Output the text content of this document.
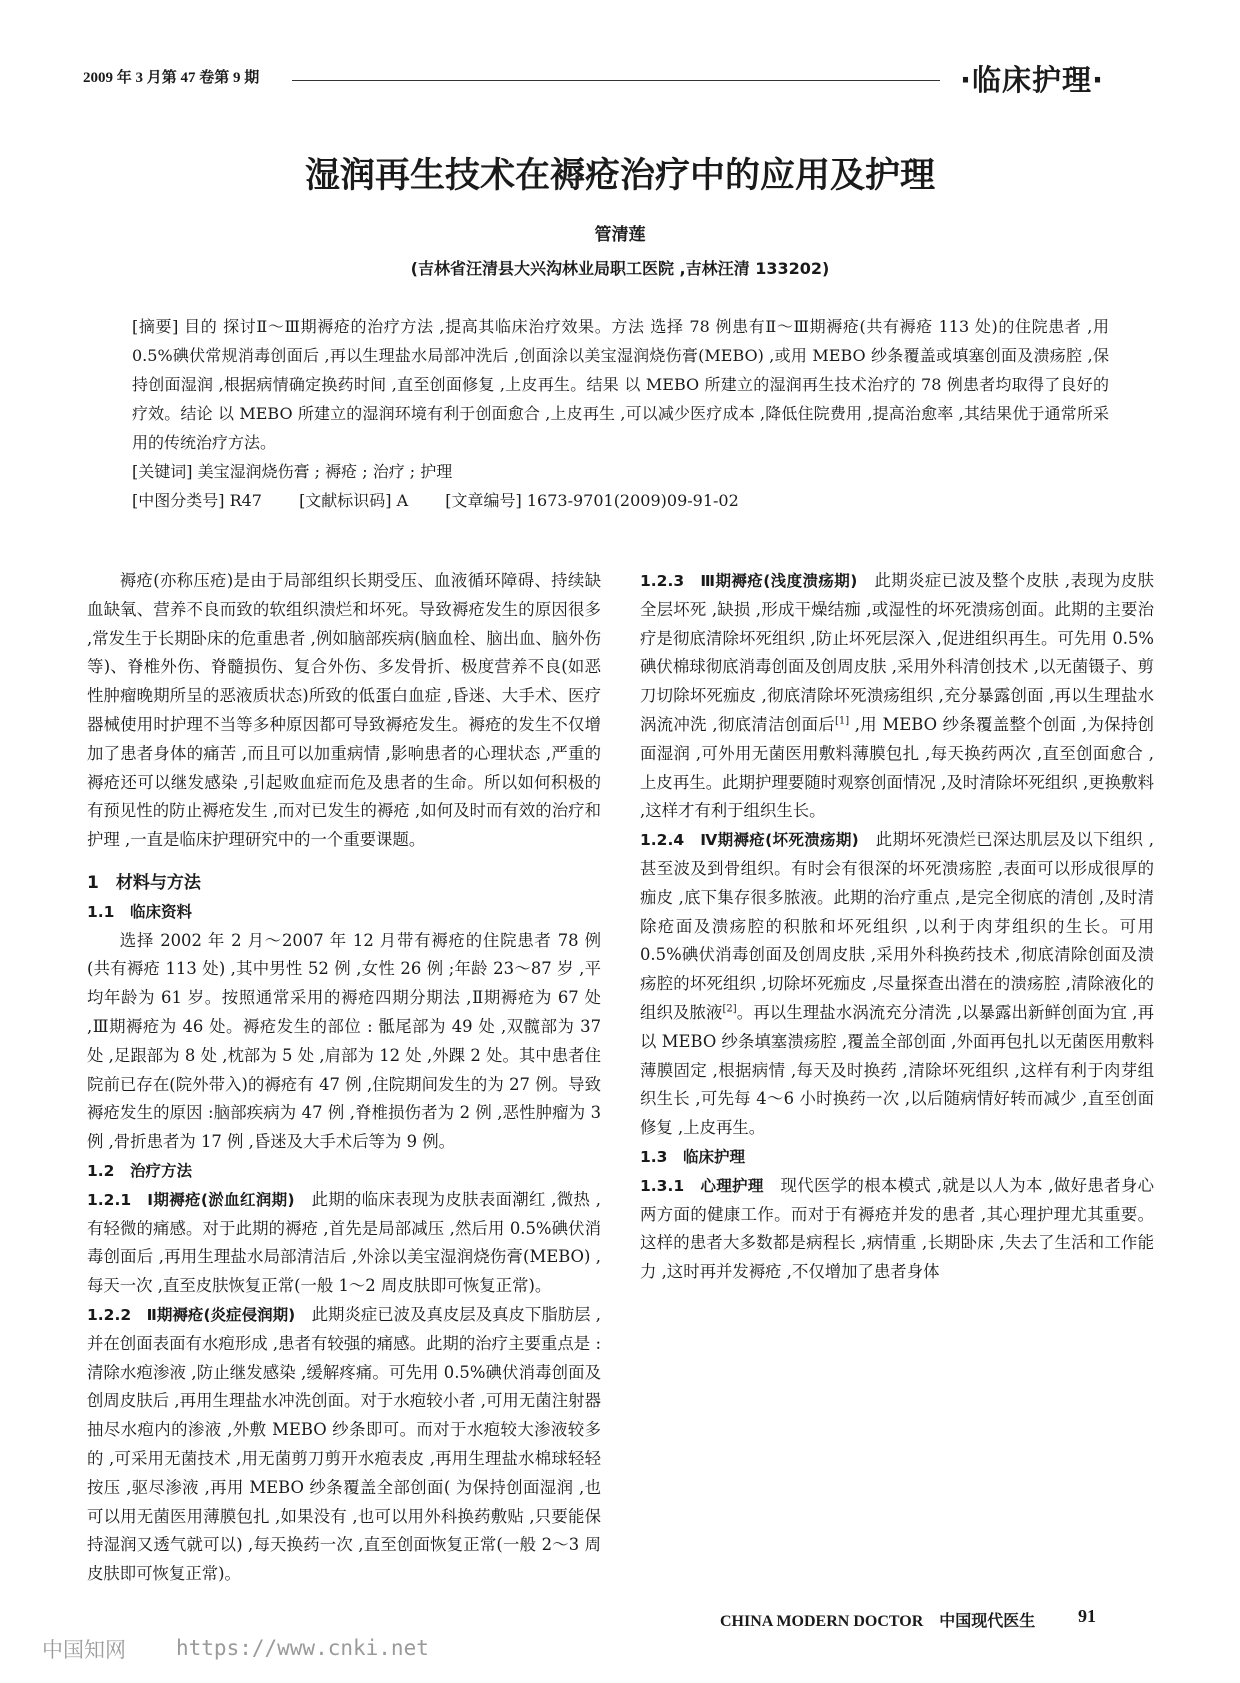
2009 年 3 月第 47 卷第 9 期	·临床护理·
湿润再生技术在褥疮治疗中的应用及护理
管清莲
(吉林省汪清县大兴沟林业局职工医院 ,吉林汪清 133202)

[摘要] 目的 探讨Ⅱ～Ⅲ期褥疮的治疗方法 ,提高其临床治疗效果。方法 选择 78 例患有Ⅱ～Ⅲ期褥疮(共有褥疮 113 处)的住院患者 ,用 0.5%碘伏常规消毒创面后 ,再以生理盐水局部冲洗后 ,创面涂以美宝湿润烧伤膏(MEBO) ,或用 MEBO 纱条覆盖或填塞创面及溃疡腔 ,保持创面湿润 ,根据病情确定换药时间 ,直至创面修复 ,上皮再生。结果 以 MEBO 所建立的湿润再生技术治疗的 78 例患者均取得了良好的疗效。结论 以 MEBO 所建立的湿润环境有利于创面愈合 ,上皮再生 ,可以减少医疗成本 ,降低住院费用 ,提高治愈率 ,其结果优于通常所采用的传统治疗方法。

[关键词] 美宝湿润烧伤膏 ; 褥疮 ; 治疗 ; 护理

[中图分类号] R47　　 [文献标识码] A　　 [文章编号] 1673-9701(2009)09-91-02

褥疮(亦称压疮)是由于局部组织长期受压、血液循环障碍、持续缺血缺氧、营养不良而致的软组织溃烂和坏死。导致褥疮发生的原因很多 ,常发生于长期卧床的危重患者 ,例如脑部疾病(脑血栓、脑出血、脑外伤等)、脊椎外伤、脊髓损伤、复合外伤、多发骨折、极度营养不良(如恶性肿瘤晚期所呈的恶液质状态)所致的低蛋白血症 ,昏迷、大手术、医疗器械使用时护理不当等多种原因都可导致褥疮发生。褥疮的发生不仅增加了患者身体的痛苦 ,而且可以加重病情 ,影响患者的心理状态 ,严重的褥疮还可以继发感染 ,引起败血症而危及患者的生命。所以如何积极的有预见性的防止褥疮发生 ,而对已发生的褥疮 ,如何及时而有效的治疗和护理 ,一直是临床护理研究中的一个重要课题。

1　材料与方法

1.1　临床资料

选择 2002 年 2 月～2007 年 12 月带有褥疮的住院患者 78 例(共有褥疮 113 处) ,其中男性 52 例 ,女性 26 例 ;年龄 23～87 岁 ,平均年龄为 61 岁。按照通常采用的褥疮四期分期法 ,Ⅱ期褥疮为 67 处 ,Ⅲ期褥疮为 46 处。褥疮发生的部位 : 骶尾部为 49 处 ,双髋部为 37 处 ,足跟部为 8 处 ,枕部为 5 处 ,肩部为 12 处 ,外踝 2 处。其中患者住院前已存在(院外带入)的褥疮有 47 例 ,住院期间发生的为 27 例。导致褥疮发生的原因 :脑部疾病为 47 例 ,脊椎损伤者为 2 例 ,恶性肿瘤为 3 例 ,骨折患者为 17 例 ,昏迷及大手术后等为 9 例。

1.2　治疗方法

1.2.1　Ⅰ期褥疮(淤血红润期)　此期的临床表现为皮肤表面潮红 ,微热 ,有轻微的痛感。对于此期的褥疮 ,首先是局部减压 ,然后用 0.5%碘伏消毒创面后 ,再用生理盐水局部清洁后 ,外涂以美宝湿润烧伤膏(MEBO) ,每天一次 ,直至皮肤恢复正常(一般 1～2 周皮肤即可恢复正常)。

1.2.2　Ⅱ期褥疮(炎症侵润期)　此期炎症已波及真皮层及真皮下脂肪层 ,并在创面表面有水疱形成 ,患者有较强的痛感。此期的治疗主要重点是 :清除水疱渗液 ,防止继发感染 ,缓解疼痛。可先用 0.5%碘伏消毒创面及创周皮肤后 ,再用生理盐水冲洗创面。对于水疱较小者 ,可用无菌注射器抽尽水疱内的渗液 ,外敷 MEBO 纱条即可。而对于水疱较大渗液较多的 ,可采用无菌技术 ,用无菌剪刀剪开水疱表皮 ,再用生理盐水棉球轻轻按压 ,驱尽渗液 ,再用 MEBO 纱条覆盖全部创面( 为保持创面湿润 ,也可以用无菌医用薄膜包扎 ,如果没有 ,也可以用外科换药敷贴 ,只要能保持湿润又透气就可以) ,每天换药一次 ,直至创面恢复正常(一般 2～3 周皮肤即可恢复正常)。

1.2.3　Ⅲ期褥疮(浅度溃疡期)　此期炎症已波及整个皮肤 ,表现为皮肤全层坏死 ,缺损 ,形成干燥结痂 ,或湿性的坏死溃疡创面。此期的主要治疗是彻底清除坏死组织 ,防止坏死层深入 ,促进组织再生。可先用 0.5%碘伏棉球彻底消毒创面及创周皮肤 ,采用外科清创技术 ,以无菌镊子、剪刀切除坏死痂皮 ,彻底清除坏死溃疡组织 ,充分暴露创面 ,再以生理盐水涡流冲洗 ,彻底清洁创面后[1] ,用 MEBO 纱条覆盖整个创面 ,为保持创面湿润 ,可外用无菌医用敷料薄膜包扎 ,每天换药两次 ,直至创面愈合 ,上皮再生。此期护理要随时观察创面情况 ,及时清除坏死组织 ,更换敷料 ,这样才有利于组织生长。

1.2.4　Ⅳ期褥疮(坏死溃疡期)　此期坏死溃烂已深达肌层及以下组织 ,甚至波及到骨组织。有时会有很深的坏死溃疡腔 ,表面可以形成很厚的痂皮 ,底下集存很多脓液。此期的治疗重点 ,是完全彻底的清创 ,及时清除疮面及溃疡腔的积脓和坏死组织 ,以利于肉芽组织的生长。可用 0.5%碘伏消毒创面及创周皮肤 ,采用外科换药技术 ,彻底清除创面及溃疡腔的坏死组织 ,切除坏死痂皮 ,尽量探查出潜在的溃疡腔 ,清除液化的组织及脓液[2]。再以生理盐水涡流充分清洗 ,以暴露出新鲜创面为宜 ,再以 MEBO 纱条填塞溃疡腔 ,覆盖全部创面 ,外面再包扎以无菌医用敷料薄膜固定 ,根据病情 ,每天及时换药 ,清除坏死组织 ,这样有利于肉芽组织生长 ,可先每 4～6 小时换药一次 ,以后随病情好转而减少 ,直至创面修复 ,上皮再生。

1.3　临床护理

1.3.1　心理护理　现代医学的根本模式 ,就是以人为本 ,做好患者身心两方面的健康工作。而对于有褥疮并发的患者 ,其心理护理尤其重要。这样的患者大多数都是病程长 ,病情重 ,长期卧床 ,失去了生活和工作能力 ,这时再并发褥疮 ,不仅增加了患者身体

CHINA MODERN DOCTOR　中国现代医生 91
中国知网 https://www.cnki.net
